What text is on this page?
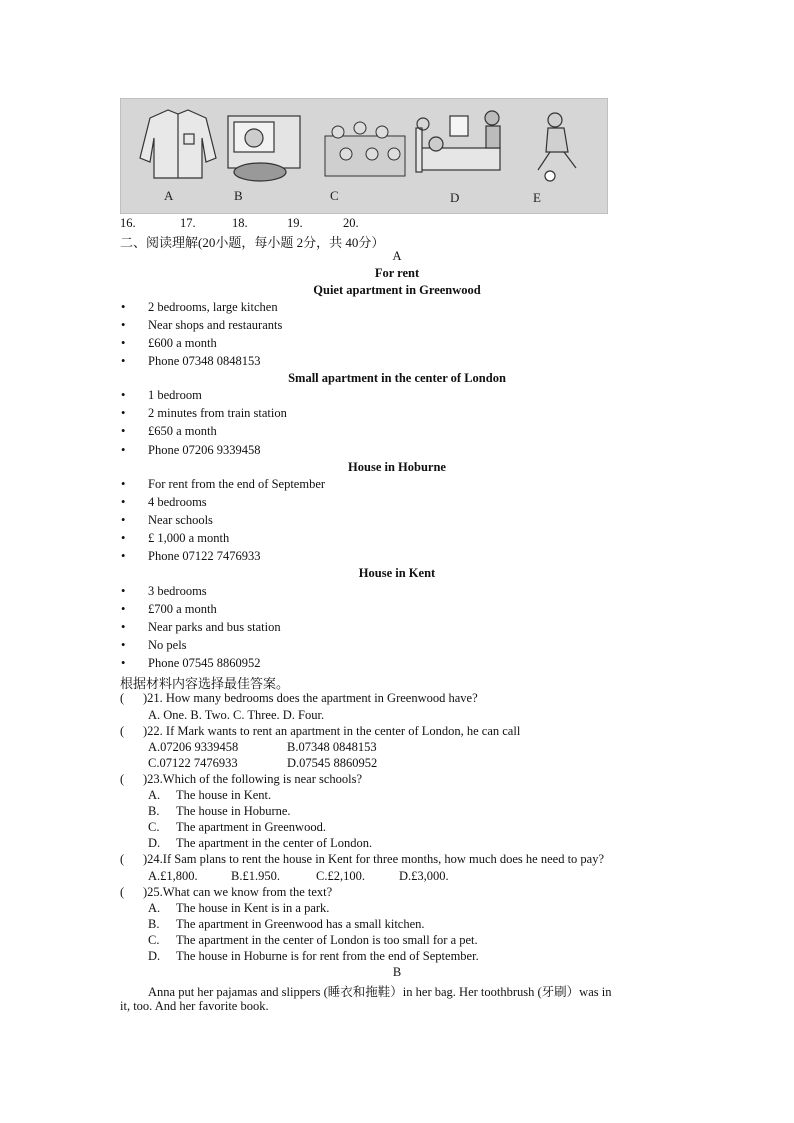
A	B	C	D	E
16.	17.	18.	19.	20.
二、阅读理解(20小题，每小题 2分，共 40分）
A
For rent
Quiet apartment in Greenwood
• 2 bedrooms, large kitchen
• Near shops and restaurants
• £600 a month
• Phone 07348 0848153
Small apartment in the center of London
• 1 bedroom
• 2 minutes from train station
• £650 a month
• Phone 07206 9339458
House in Hoburne
• For rent from the end of September
• 4 bedrooms
• Near schools
• £ 1,000 a month
• Phone 07122 7476933
House in Kent
• 3 bedrooms
• £700 a month
• Near parks and bus station
• No pels
• Phone 07545 8860952
根据材料内容选择最佳答案。
( )21. How many bedrooms does the apartment in Greenwood have?
A. One. B. Two. C. Three. D. Four.
( )22. If Mark wants to rent an apartment in the center of London, he can call
A.07206 9339458	B.07348 0848153
C.07122 7476933	D.07545 8860952
( )23.Which of the following is near schools?
A. The house in Kent.
B. The house in Hoburne.
C. The apartment in Greenwood.
D. The apartment in the center of London.
( )24.If Sam plans to rent the house in Kent for three months, how much does he need to pay?
A.£1,800.	B.£1.950.	C.£2,100.	D.£3,000.
( )25.What can we know from the text?
A. The house in Kent is in a park.
B. The apartment in Greenwood has a small kitchen.
C. The apartment in the center of London is too small for a pet.
D. The house in Hoburne is for rent from the end of September.
B
Anna put her pajamas and slippers (睡衣和拖鞋）in her bag. Her toothbrush (牙刷）was in
it, too. And her favorite book.
